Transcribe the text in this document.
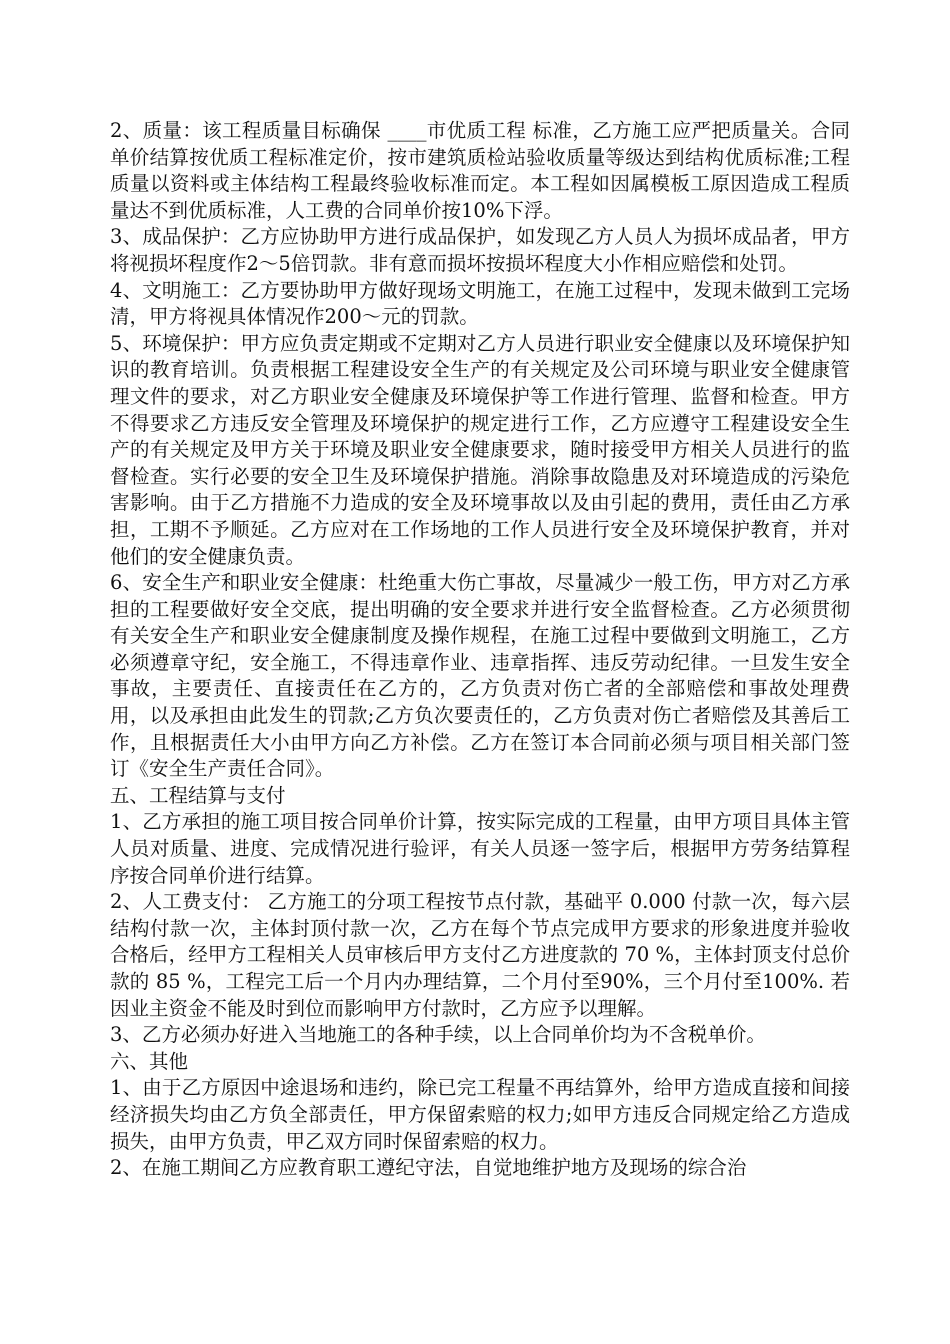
2、质量：该工程质量目标确保 ____市优质工程 标准，乙方施工应严把质量关。合同单价结算按优质工程标准定价，按市建筑质检站验收质量等级达到结构优质标准;工程质量以资料或主体结构工程最终验收标准而定。本工程如因属模板工原因造成工程质量达不到优质标准，人工费的合同单价按10%下浮。

3、成品保护：乙方应协助甲方进行成品保护，如发现乙方人员人为损坏成品者，甲方将视损坏程度作2～5倍罚款。非有意而损坏按损坏程度大小作相应赔偿和处罚。

4、文明施工：乙方要协助甲方做好现场文明施工，在施工过程中，发现未做到工完场清，甲方将视具体情况作200～元的罚款。

5、环境保护：甲方应负责定期或不定期对乙方人员进行职业安全健康以及环境保护知识的教育培训。负责根据工程建设安全生产的有关规定及公司环境与职业安全健康管理文件的要求，对乙方职业安全健康及环境保护等工作进行管理、监督和检查。甲方不得要求乙方违反安全管理及环境保护的规定进行工作，乙方应遵守工程建设安全生产的有关规定及甲方关于环境及职业安全健康要求，随时接受甲方相关人员进行的监督检查。实行必要的安全卫生及环境保护措施。消除事故隐患及对环境造成的污染危害影响。由于乙方措施不力造成的安全及环境事故以及由引起的费用，责任由乙方承担，工期不予顺延。乙方应对在工作场地的工作人员进行安全及环境保护教育，并对他们的安全健康负责。

6、安全生产和职业安全健康：杜绝重大伤亡事故，尽量减少一般工伤，甲方对乙方承担的工程要做好安全交底，提出明确的安全要求并进行安全监督检查。乙方必须贯彻有关安全生产和职业安全健康制度及操作规程，在施工过程中要做到文明施工，乙方必须遵章守纪，安全施工，不得违章作业、违章指挥、违反劳动纪律。一旦发生安全事故，主要责任、直接责任在乙方的，乙方负责对伤亡者的全部赔偿和事故处理费用，以及承担由此发生的罚款;乙方负次要责任的，乙方负责对伤亡者赔偿及其善后工作，且根据责任大小由甲方向乙方补偿。乙方在签订本合同前必须与项目相关部门签订《安全生产责任合同》。

五、工程结算与支付

1、乙方承担的施工项目按合同单价计算，按实际完成的工程量，由甲方项目具体主管人员对质量、进度、完成情况进行验评，有关人员逐一签字后，根据甲方劳务结算程序按合同单价进行结算。

2、人工费支付： 乙方施工的分项工程按节点付款，基础平 0.000 付款一次，每六层结构付款一次，主体封顶付款一次，乙方在每个节点完成甲方要求的形象进度并验收合格后，经甲方工程相关人员审核后甲方支付乙方进度款的 70 %，主体封顶支付总价款的 85 %，工程完工后一个月内办理结算，二个月付至90%，三个月付至100%. 若因业主资金不能及时到位而影响甲方付款时，乙方应予以理解。

3、乙方必须办好进入当地施工的各种手续，以上合同单价均为不含税单价。

六、其他

1、由于乙方原因中途退场和违约，除已完工程量不再结算外，给甲方造成直接和间接经济损失均由乙方负全部责任，甲方保留索赔的权力;如甲方违反合同规定给乙方造成损失，由甲方负责，甲乙双方同时保留索赔的权力。

2、在施工期间乙方应教育职工遵纪守法，自觉地维护地方及现场的综合治
